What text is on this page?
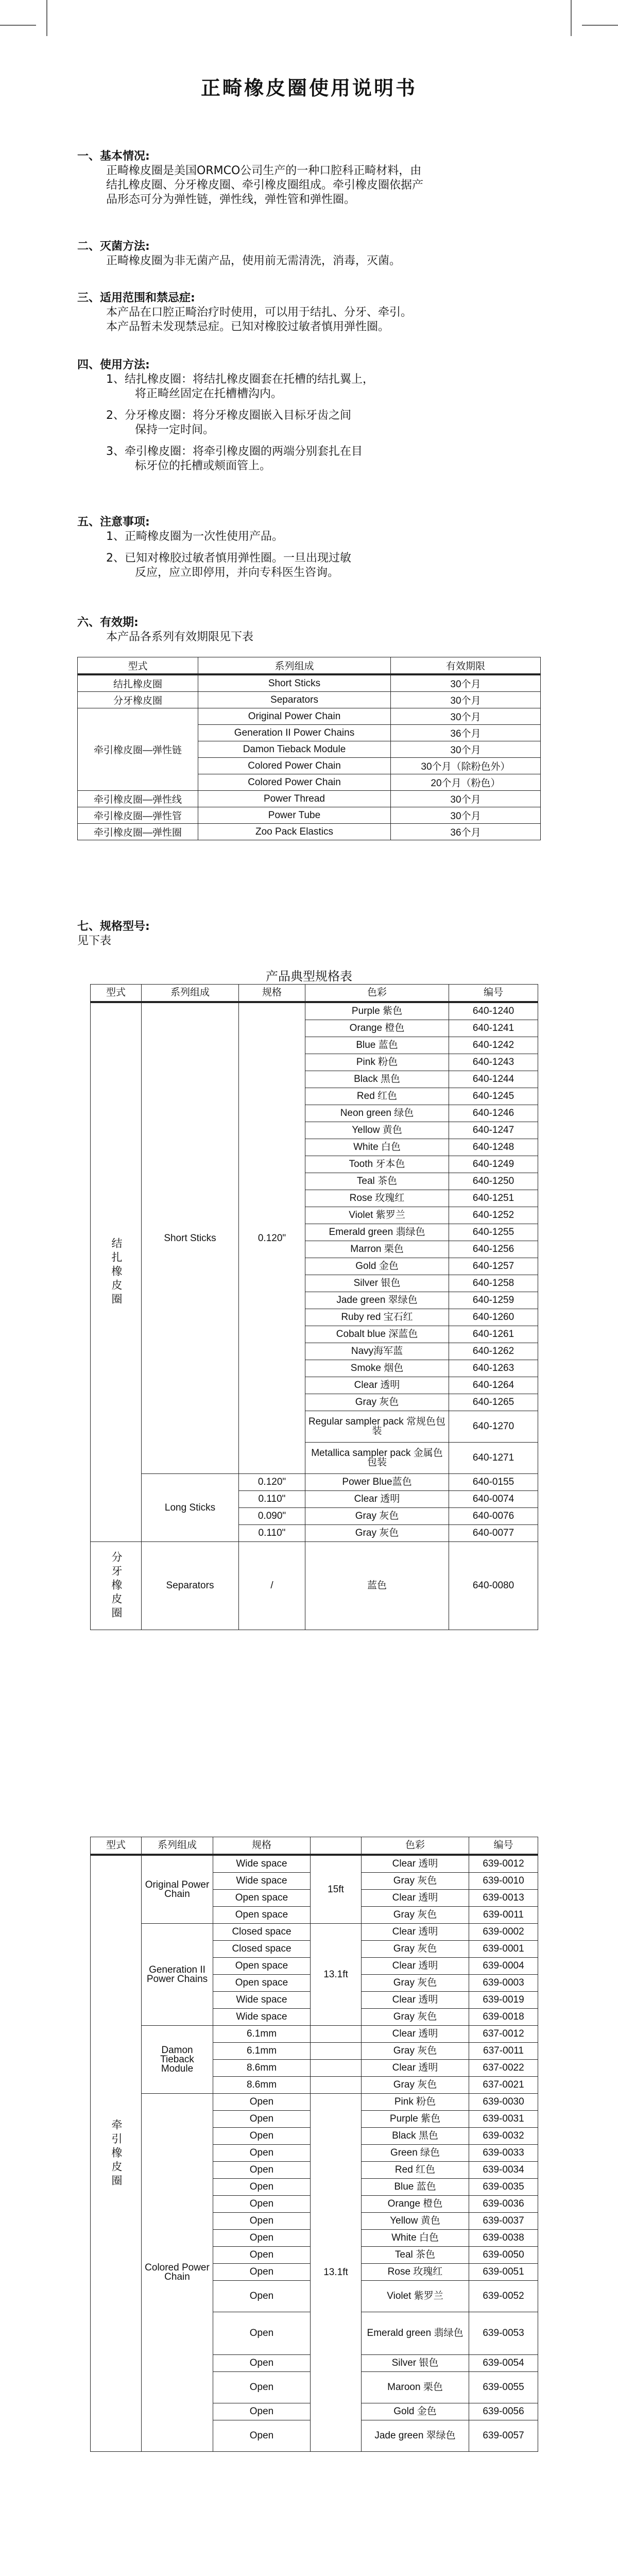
正畸橡皮圈使用说明书

一、基本情况:

正畸橡皮圈是美国ORMCO公司生产的一种口腔科正畸材料，由

结扎橡皮圈、分牙橡皮圈、牵引橡皮圈组成。牵引橡皮圈依据产

品形态可分为弹性链，弹性线，弹性管和弹性圈。

二、灭菌方法:

正畸橡皮圈为非无菌产品，使用前无需清洗，消毒，灭菌。

三、适用范围和禁忌症:

本产品在口腔正畸治疗时使用，可以用于结扎、分牙、牵引。

本产品暂未发现禁忌症。已知对橡胶过敏者慎用弹性圈。

四、使用方法:

1、结扎橡皮圈：将结扎橡皮圈套在托槽的结扎翼上，

将正畸丝固定在托槽槽沟内。

2、分牙橡皮圈：将分牙橡皮圈嵌入目标牙齿之间

保持一定时间。

3、牵引橡皮圈：将牵引橡皮圈的两端分别套扎在目

标牙位的托槽或颊面管上。

五、注意事项:

1、正畸橡皮圈为一次性使用产品。

2、已知对橡胶过敏者慎用弹性圈。一旦出现过敏

反应，应立即停用，并向专科医生咨询。

六、有效期:

本产品各系列有效期限见下表

型式	系列组成	有效期限
结扎橡皮圈	Short Sticks	30个月
分牙橡皮圈	Separators	30个月
牵引橡皮圈—弹性链	Original Power Chain	30个月
	Generation II Power Chains	36个月
	Damon Tieback Module	30个月
	Colored Power Chain	30个月（除粉色外）
	Colored Power Chain	20个月（粉色）
牵引橡皮圈—弹性线	Power Thread	30个月
牵引橡皮圈—弹性管	Power Tube	30个月
牵引橡皮圈—弹性圈	Zoo Pack Elastics	36个月

七、规格型号:

见下表

产品典型规格表
型式	系列组成	规格	色彩	编号

结扎橡皮圈	Short Sticks	0.120"	Purple 紫色	640-1240
			Orange 橙色	640-1241
			Blue 蓝色	640-1242
			Pink 粉色	640-1243
			Black 黑色	640-1244
			Red 红色	640-1245
			Neon green 绿色	640-1246
			Yellow 黄色	640-1247
			White 白色	640-1248
			Tooth 牙本色	640-1249
			Teal 茶色	640-1250
			Rose 玫瑰红	640-1251
			Violet 紫罗兰	640-1252
			Emerald green 翡绿色	640-1255
			Marron 栗色	640-1256
			Gold 金色	640-1257
			Silver 银色	640-1258
			Jade green 翠绿色	640-1259
			Ruby red 宝石红	640-1260
			Cobalt blue 深蓝色	640-1261
			Navy海军蓝	640-1262
			Smoke 烟色	640-1263
			Clear 透明	640-1264
			Gray 灰色	640-1265
			Regular sampler pack 常规色包装	640-1270
			Metallica sampler pack 金属色包装	640-1271
	Long Sticks	0.120"	Power Blue蓝色	640-0155
		0.110"	Clear 透明	640-0074
		0.090"	Gray 灰色	640-0076
		0.110"	Gray 灰色	640-0077

分牙橡皮圈	Separators	/	蓝色	640-0080
型式	系列组成	规格		色彩	编号

牵引橡皮圈	Original Power Chain	Wide space	15ft	Clear 透明	639-0012
		Wide space		Gray 灰色	639-0010
		Open space		Clear 透明	639-0013
		Open space		Gray 灰色	639-0011
	Generation II Power Chains	Closed space	13.1ft	Clear 透明	639-0002
		Closed space		Gray 灰色	639-0001
		Open space		Clear 透明	639-0004
		Open space		Gray 灰色	639-0003
		Wide space		Clear 透明	639-0019
		Wide space		Gray 灰色	639-0018
	Damon Tieback Module	6.1mm		Clear 透明	637-0012
		6.1mm		Gray 灰色	637-0011
		8.6mm		Clear 透明	637-0022
		8.6mm		Gray 灰色	637-0021
	Colored Power Chain	Open	13.1ft	Pink 粉色	639-0030
		Open		Purple 紫色	639-0031
		Open		Black 黑色	639-0032
		Open		Green 绿色	639-0033
		Open		Red 红色	639-0034
		Open		Blue 蓝色	639-0035
		Open		Orange 橙色	639-0036
		Open		Yellow 黄色	639-0037
		Open		White 白色	639-0038
		Open		Teal 茶色	639-0050
		Open		Rose 玫瑰红	639-0051
		Open		Violet 紫罗兰	639-0052
		Open		Emerald green 翡绿色	639-0053
		Open		Silver 银色	639-0054
		Open		Maroon 栗色	639-0055
		Open		Gold 金色	639-0056
		Open		Jade green 翠绿色	639-0057
